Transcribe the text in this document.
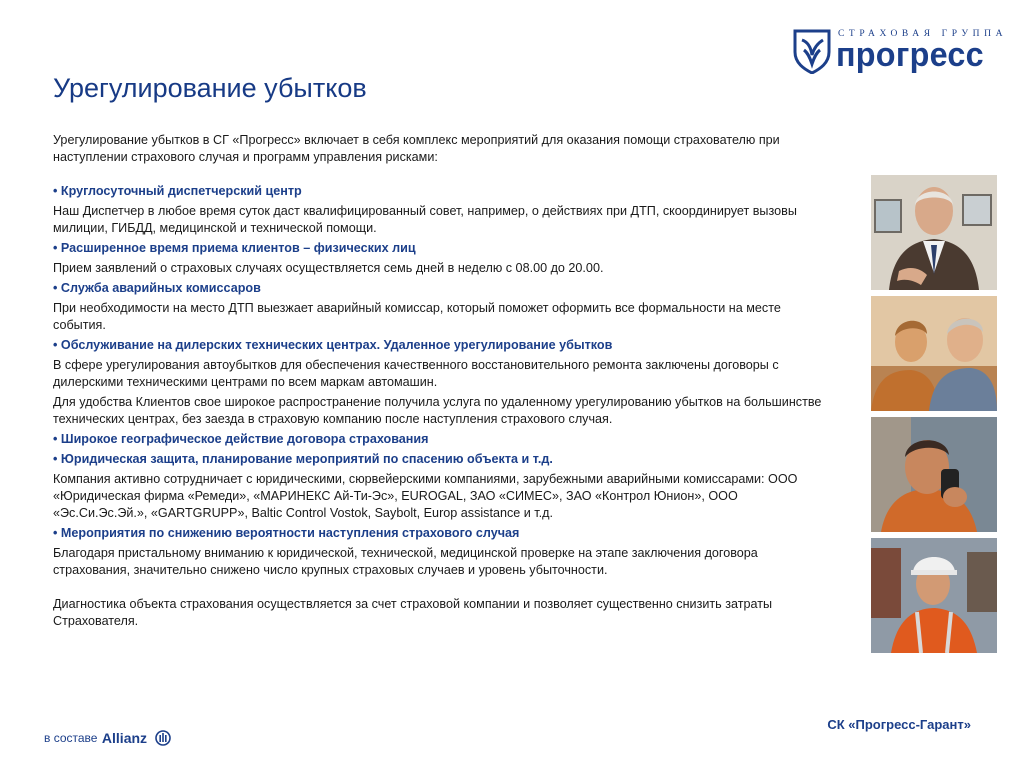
СТРАХОВАЯ ГРУППА
прогресс
Урегулирование убытков

Урегулирование убытков в СГ «Прогресс» включает в себя комплекс мероприятий для оказания помощи страхователю при наступлении страхового случая и программ управления рисками:

• Круглосуточный диспетчерский центр

Наш Диспетчер в любое время суток даст квалифицированный совет, например, о действиях при ДТП, скоординирует вызовы милиции, ГИБДД, медицинской и технической помощи.

• Расширенное время приема клиентов – физических лиц

Прием заявлений о страховых случаях осуществляется семь дней в неделю с 08.00 до 20.00.

• Служба аварийных комиссаров

При необходимости на место ДТП выезжает аварийный комиссар, который поможет оформить все формальности на месте события.

• Обслуживание на дилерских технических центрах. Удаленное урегулирование убытков

В сфере урегулирования автоубытков для обеспечения качественного восстановительного ремонта заключены договоры с дилерскими техническими центрами по всем маркам автомашин.

Для удобства Клиентов свое широкое распространение получила услуга по удаленному урегулированию убытков на большинстве технических центрах, без заезда в страховую компанию после наступления страхового случая.

• Широкое географическое действие договора страхования

• Юридическая защита, планирование мероприятий по спасению объекта и т.д.

Компания активно сотрудничает с юридическими, сюрвейерскими компаниями, зарубежными аварийными комиссарами: ООО «Юридическая фирма «Ремеди», «МАРИНЕКС Ай-Ти-Эс», EUROGAL, ЗАО «СИМЕС», ЗАО «Контрол Юнион», ООО «Эс.Си.Эс.Эй.», «GARTGRUPP», Baltic Control Vostok, Saybolt, Europ assistance и т.д.

• Мероприятия по снижению вероятности наступления страхового случая

Благодаря пристальному вниманию к юридической, технической, медицинской проверке на этапе заключения договора страхования, значительно снижено число крупных страховых случаев и уровень убыточности.

Диагностика объекта страхования осуществляется за счет страховой компании и позволяет существенно снизить затраты Страхователя.

в составе Allianz
СК «Прогресс-Гарант»
